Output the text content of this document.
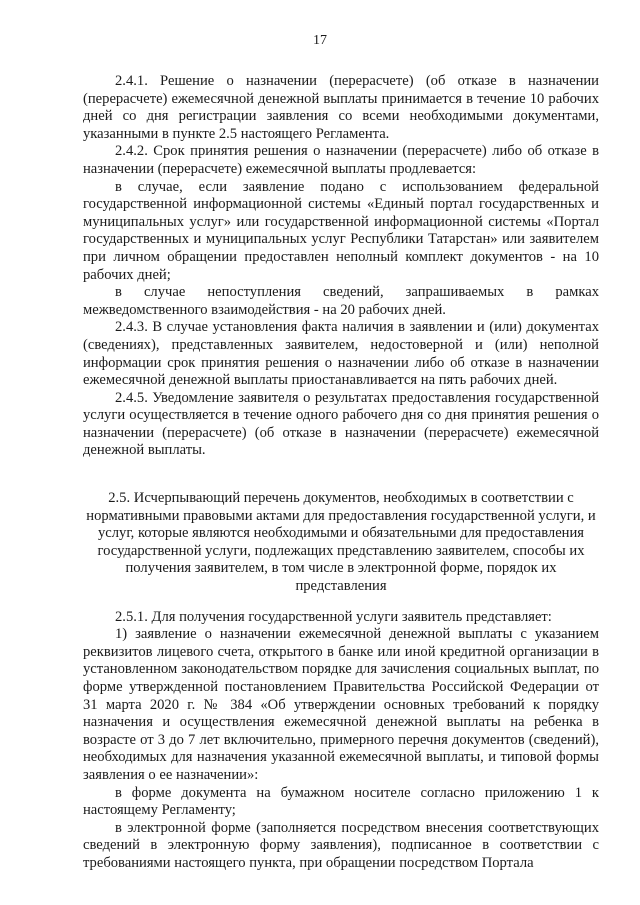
17

2.4.1. Решение о назначении (перерасчете) (об отказе в назначении (перерасчете) ежемесячной денежной выплаты принимается в течение 10 рабочих дней со дня регистрации заявления со всеми необходимыми документами, указанными в пункте 2.5 настоящего Регламента.

2.4.2. Срок принятия решения о назначении (перерасчете) либо об отказе в назначении (перерасчете) ежемесячной выплаты продлевается:

в случае, если заявление подано с использованием федеральной государственной информационной системы «Единый портал государственных и муниципальных услуг» или государственной информационной системы «Портал государственных и муниципальных услуг Республики Татарстан» или заявителем при личном обращении предоставлен неполный комплект документов - на 10 рабочих дней;

в случае непоступления сведений, запрашиваемых в рамках межведомственного взаимодействия - на 20 рабочих дней.

2.4.3. В случае установления факта наличия в заявлении и (или) документах (сведениях), представленных заявителем, недостоверной и (или) неполной информации срок принятия решения о назначении либо об отказе в назначении ежемесячной денежной выплаты приостанавливается на пять рабочих дней.

2.4.5. Уведомление заявителя о результатах предоставления государственной услуги осуществляется в течение одного рабочего дня со дня принятия решения о назначении (перерасчете) (об отказе в назначении (перерасчете) ежемесячной денежной выплаты.

2.5. Исчерпывающий перечень документов, необходимых в соответствии с нормативными правовыми актами для предоставления государственной услуги, и услуг, которые являются необходимыми и обязательными для предоставления государственной услуги, подлежащих представлению заявителем, способы их получения заявителем, в том числе в электронной форме, порядок их представления

2.5.1. Для получения государственной услуги заявитель представляет:

1) заявление о назначении ежемесячной денежной выплаты с указанием реквизитов лицевого счета, открытого в банке или иной кредитной организации в установленном законодательством порядке для зачисления социальных выплат, по форме утвержденной постановлением Правительства Российской Федерации от 31 марта 2020 г. № 384 «Об утверждении основных требований к порядку назначения и осуществления ежемесячной денежной выплаты на ребенка в возрасте от 3 до 7 лет включительно, примерного перечня документов (сведений), необходимых для назначения указанной ежемесячной выплаты, и типовой формы заявления о ее назначении»:

в форме документа на бумажном носителе согласно приложению 1 к настоящему Регламенту;

в электронной форме (заполняется посредством внесения соответствующих сведений в электронную форму заявления), подписанное в соответствии с требованиями настоящего пункта, при обращении посредством Портала
